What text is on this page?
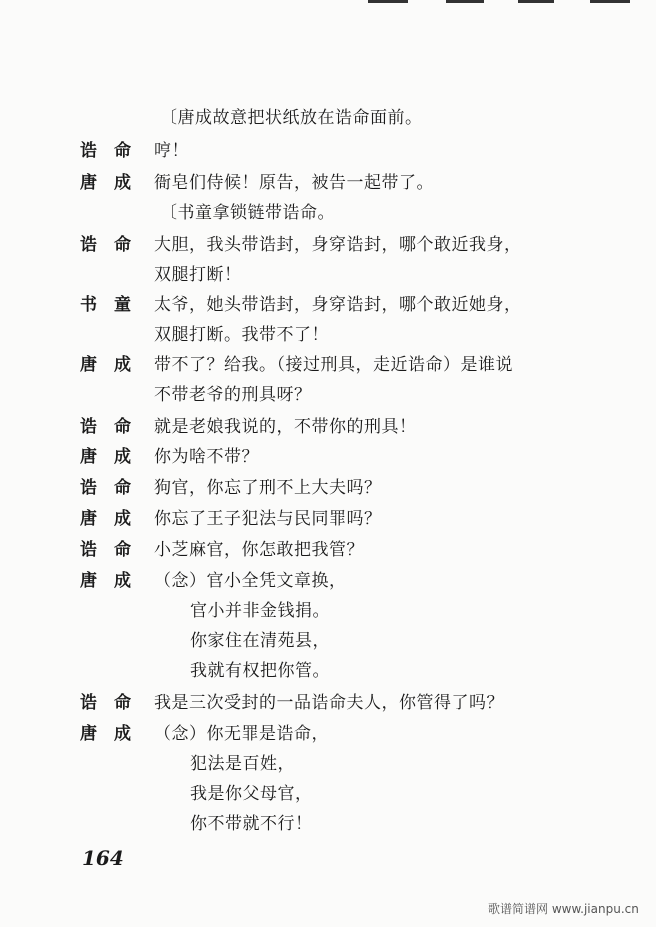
〔唐成故意把状纸放在诰命面前。
诰命 哼！
唐成 衙皂们侍候！原告，被告一起带了。
〔书童拿锁链带诰命。
诰命 大胆，我头带诰封，身穿诰封，哪个敢近我身，
双腿打断！
书童 太爷，她头带诰封，身穿诰封，哪个敢近她身，
双腿打断。我带不了！
唐成 带不了？给我。（接过刑具，走近诰命）是谁说
不带老爷的刑具呀？
诰命 就是老娘我说的，不带你的刑具！
唐成 你为啥不带？
诰命 狗官，你忘了刑不上大夫吗？
唐成 你忘了王子犯法与民同罪吗？
诰命 小芝麻官，你怎敢把我管？
唐成 （念）官小全凭文章换，
官小并非金钱捐。
你家住在清苑县，
我就有权把你管。
诰命 我是三次受封的一品诰命夫人，你管得了吗？
唐成 （念）你无罪是诰命，
犯法是百姓，
我是你父母官，
你不带就不行！
164
歌谱简谱网 www.jianpu.cn
